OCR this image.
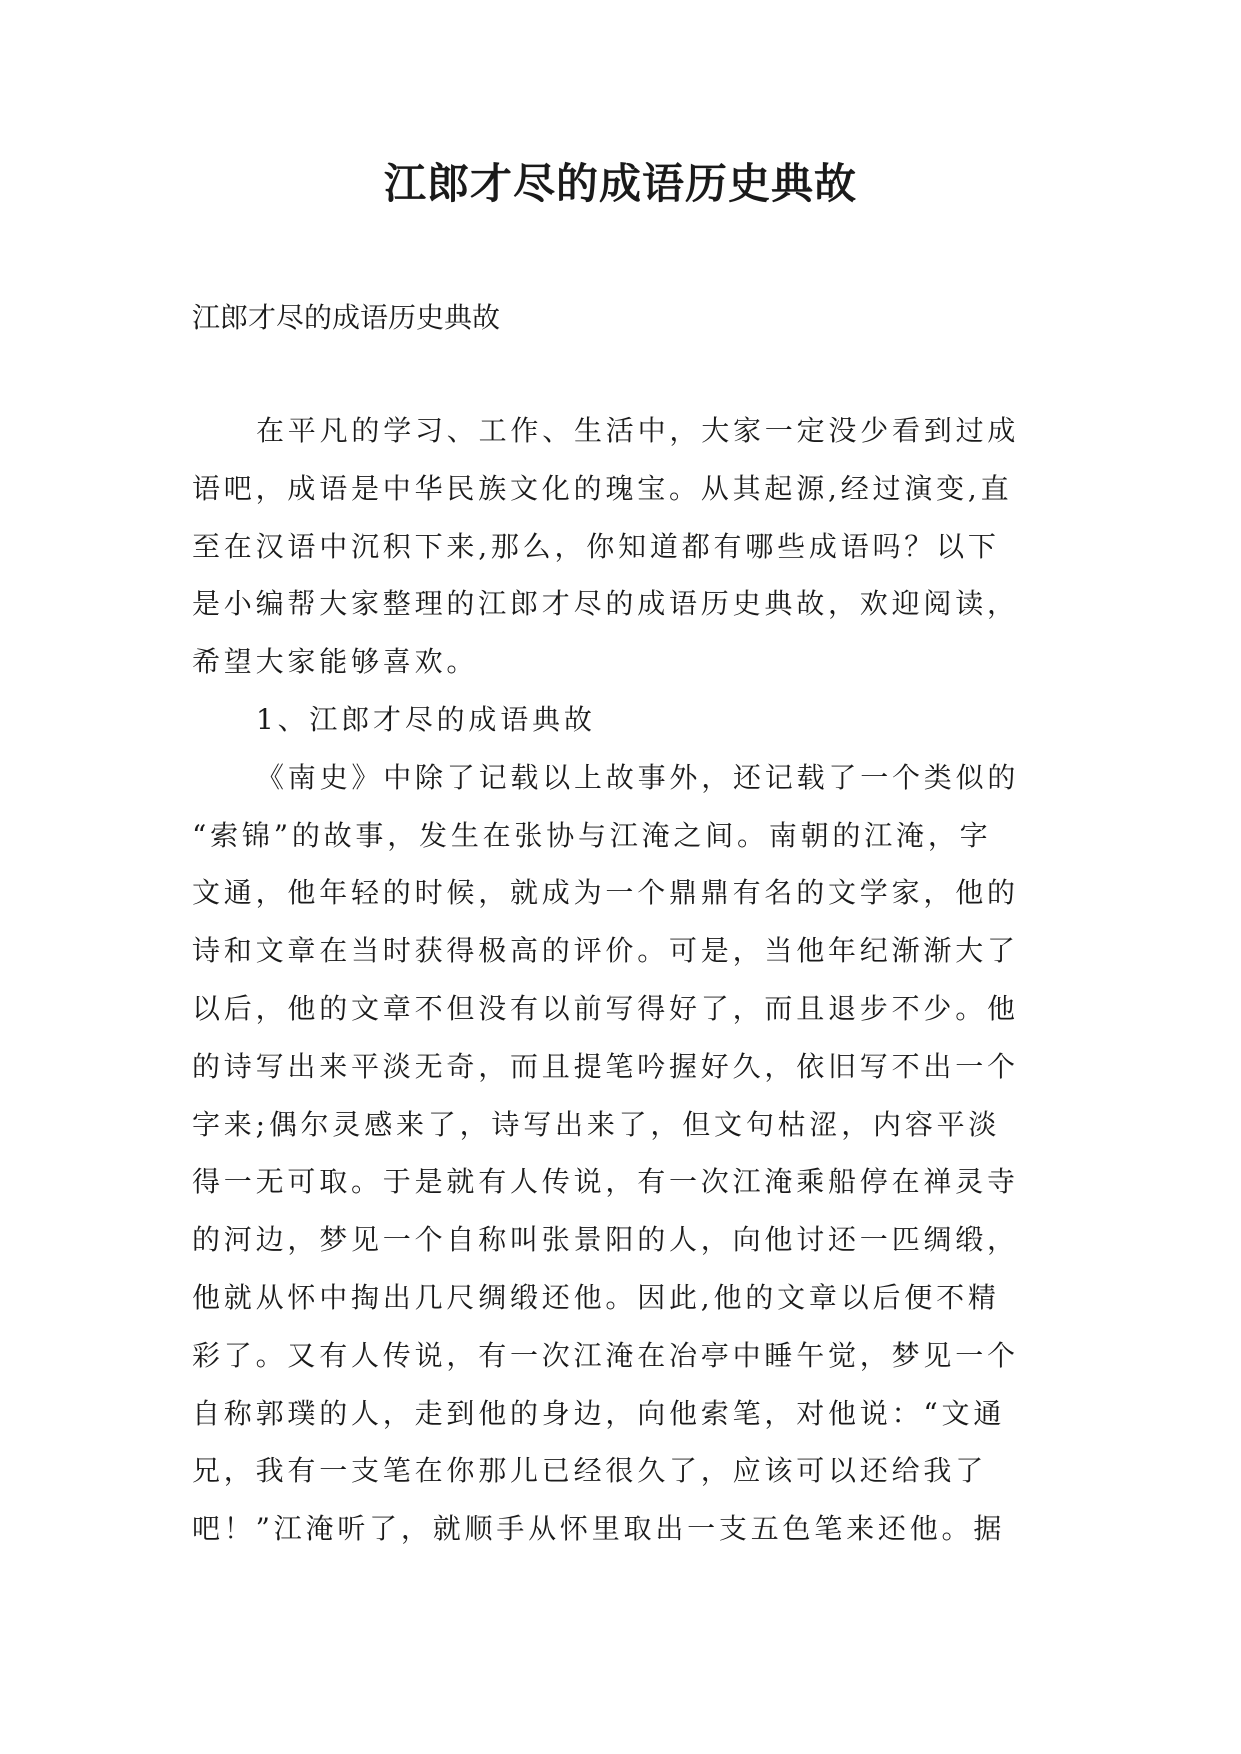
江郎才尽的成语历史典故

江郎才尽的成语历史典故

在平凡的学习、工作、生活中，大家一定没少看到过成

语吧，成语是中华民族文化的瑰宝。从其起源,经过演变,直

至在汉语中沉积下来,那么，你知道都有哪些成语吗？以下

是小编帮大家整理的江郎才尽的成语历史典故，欢迎阅读，

希望大家能够喜欢。

1、江郎才尽的成语典故

《南史》中除了记载以上故事外，还记载了一个类似的

“索锦”的故事，发生在张协与江淹之间。南朝的江淹，字

文通，他年轻的时候，就成为一个鼎鼎有名的文学家，他的

诗和文章在当时获得极高的评价。可是，当他年纪渐渐大了

以后，他的文章不但没有以前写得好了，而且退步不少。他

的诗写出来平淡无奇，而且提笔吟握好久，依旧写不出一个

字来;偶尔灵感来了，诗写出来了，但文句枯涩，内容平淡

得一无可取。于是就有人传说，有一次江淹乘船停在禅灵寺

的河边，梦见一个自称叫张景阳的人，向他讨还一匹绸缎，

他就从怀中掏出几尺绸缎还他。因此,他的文章以后便不精

彩了。又有人传说，有一次江淹在冶亭中睡午觉，梦见一个

自称郭璞的人，走到他的身边，向他索笔，对他说：“文通

兄，我有一支笔在你那儿已经很久了，应该可以还给我了

吧！”江淹听了，就顺手从怀里取出一支五色笔来还他。据
